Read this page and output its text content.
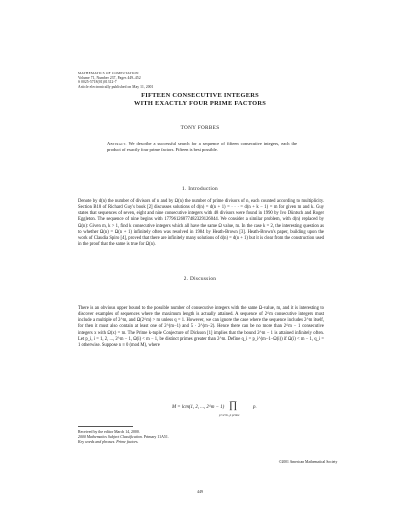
MATHEMATICS OF COMPUTATION
Volume 71, Number 237, Pages 449–452
S 0025-5718(01)01312-7
Article electronically published on May 11, 2001
FIFTEEN CONSECUTIVE INTEGERS
WITH EXACTLY FOUR PRIME FACTORS
TONY FORBES
Abstract. We describe a successful search for a sequence of fifteen consecutive integers, each the product of exactly four prime factors. Fifteen is best possible.
1. Introduction
Denote by d(n) the number of divisors of n and by Ω(n) the number of prime divisors of n, each counted according to multiplicity. Section B18 of Richard Guy's book [2] discusses solutions of d(n) = d(n + 1) = · · · = d(n + k − 1) = m for given m and k. Guy states that sequences of seven, eight and nine consecutive integers with 48 divisors were found in 1990 by Ivo Düntsch and Roger Eggleton. The sequence of nine begins with 17796126877482329126044. We consider a similar problem, with d(n) replaced by Ω(n): Given m, k > 1, find k consecutive integers which all have the same Ω value, m. In the case k = 2, the interesting question as to whether Ω(n) = Ω(n + 1) infinitely often was resolved in 1984 by Heath-Brown [3]. Heath-Brown's paper, building upon the work of Claudia Spiro [4], proved that there are infinitely many solutions of d(n) = d(n + 1) but it is clear from the construction used in the proof that the same is true for Ω(n).
2. Discussion
There is an obvious upper bound to the possible number of consecutive integers with the same Ω-value, m, and it is interesting to discover examples of sequences where the maximum length is actually attained. A sequence of 2^m consecutive integers must include a multiple of 2^m, and Ω(2^m) > m unless q = 1. However, we can ignore the case where the sequence includes 2^m itself, for then it must also contain at least one of 2^(m−1) and 5 · 2^(m−2). Hence there can be no more than 2^m − 1 consecutive integers x with Ω(x) = m. The Prime k-tuple Conjecture of Dickson [1] implies that the bound 2^m − 1 is attained infinitely often. Let p_i, i = 1, 2, ..., 2^m − 1, Ω(i) < m − 1, be distinct primes greater than 2^m. Define q_i = p_i^(m−1−Ω(i)) if Ω(i) < m − 1, q_i = 1 otherwise. Suppose n ≡ 0 (mod M), where
M = lcm(1, 2, ..., 2^m − 1) ∏
p<2^m, p prime
p.
Received by the editor March 14, 2000.
2000 Mathematics Subject Classification. Primary 11A51.
Key words and phrases. Prime factors.
©2001 American Mathematical Society
449
